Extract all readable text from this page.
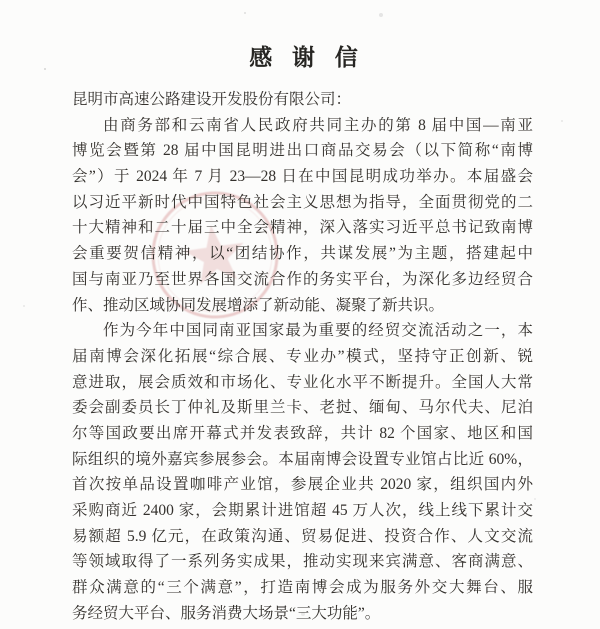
感 谢 信
昆明市高速公路建设开发股份有限公司：
由商务部和云南省人民政府共同主办的第 8 届中国—南亚
博览会暨第 28 届中国昆明进出口商品交易会（以下简称“南博
会”）于 2024 年 7 月 23—28 日在中国昆明成功举办。本届盛会
以习近平新时代中国特色社会主义思想为指导，全面贯彻党的二
十大精神和二十届三中全会精神，深入落实习近平总书记致南博
会重要贺信精神，以“团结协作，共谋发展”为主题，搭建起中
国与南亚乃至世界各国交流合作的务实平台，为深化多边经贸合
作、推动区域协同发展增添了新动能、凝聚了新共识。
作为今年中国同南亚国家最为重要的经贸交流活动之一，本
届南博会深化拓展“综合展、专业办”模式，坚持守正创新、锐
意进取，展会质效和市场化、专业化水平不断提升。全国人大常
委会副委员长丁仲礼及斯里兰卡、老挝、缅甸、马尔代夫、尼泊
尔等国政要出席开幕式并发表致辞，共计 82 个国家、地区和国
际组织的境外嘉宾参展参会。本届南博会设置专业馆占比近 60%，
首次按单品设置咖啡产业馆，参展企业共 2020 家，组织国内外
采购商近 2400 家，会期累计进馆超 45 万人次，线上线下累计交
易额超 5.9 亿元，在政策沟通、贸易促进、投资合作、人文交流
等领域取得了一系列务实成果，推动实现来宾满意、客商满意、
群众满意的“三个满意”，打造南博会成为服务外交大舞台、服
务经贸大平台、服务消费大场景“三大功能”。
